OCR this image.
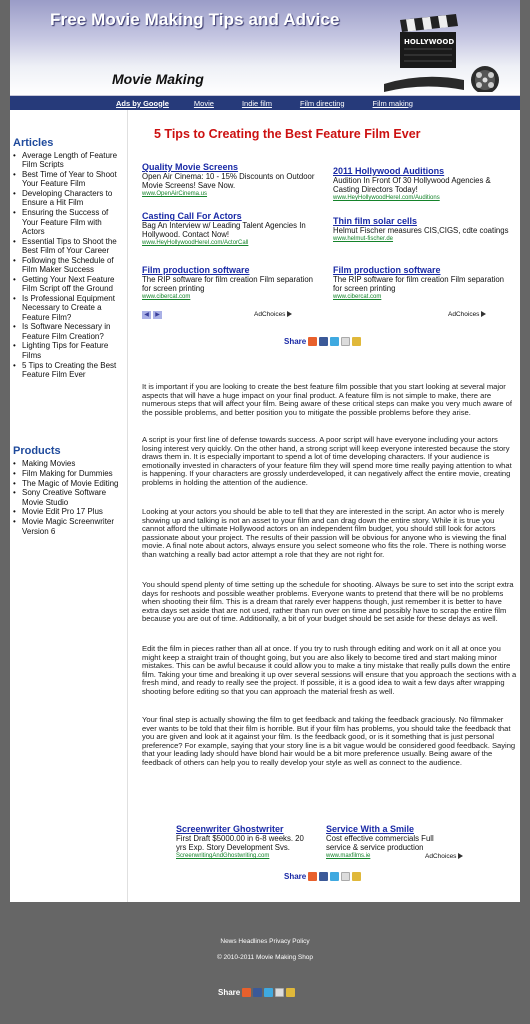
Free Movie Making Tips and Advice
HOLLYWOOD
Movie Making
Ads by Google	Movie	Indie film	Film directing	Film making
Articles
• Average Length of Feature Film Scripts
• Best Time of Year to Shoot Your Feature Film
• Developing Characters to Ensure a Hit Film
• Ensuring the Success of Your Feature Film with Actors
• Essential Tips to Shoot the Best Film of Your Career
• Following the Schedule of Film Maker Success
• Getting Your Next Feature Film Script off the Ground
• Is Professional Equipment Necessary to Create a Feature Film?
• Is Software Necessary in Feature Film Creation?
• Lighting Tips for Feature Films
• 5 Tips to Creating the Best Feature Film Ever
Products
• Making Movies
• Film Making for Dummies
• The Magic of Movie Editing
• Sony Creative Software Movie Studio
• Movie Edit Pro 17 Plus
• Movie Magic Screenwriter Version 6
5 Tips to Creating the Best Feature Film Ever
Quality Movie Screens
Open Air Cinema: 10 - 15% Discounts on Outdoor Movie Screens! Save Now.
www.OpenAirCinema.us
2011 Hollywood Auditions
Audition In Front Of 30 Hollywood Agencies & Casting Directors Today!
www.HeyHollywoodHereI.com/Auditions
Casting Call For Actors
Bag An Interview w/ Leading Talent Agencies In Hollywood. Contact Now!
www.HeyHollywoodHereI.com/ActorCall
Thin film solar cells
Helmut Fischer measures CIS,CIGS, cdte coatings
www.helmut-fischer.de
Film production software
The RIP software for film creation Film separation for screen printing
www.cibercat.com
Film production software
The RIP software for film creation Film separation for screen printing
www.cibercat.com
◀	▶	AdChoices	AdChoices
Share
It is important if you are looking to create the best feature film possible that you start looking at several major aspects that will have a huge impact on your final product. A feature film is not simple to make, there are numerous steps that will affect your film. Being aware of these critical steps can make you very much aware of the possible problems, and better position you to mitigate the possible problems before they arise.
A script is your first line of defense towards success. A poor script will have everyone including your actors losing interest very quickly. On the other hand, a strong script will keep everyone interested because the story draws them in. It is especially important to spend a lot of time developing characters. If your audience is emotionally invested in characters of your feature film they will spend more time really paying attention to what is happening. If your characters are grossly underdeveloped, it can negatively affect the entire movie, creating problems in holding the attention of the audience.
Looking at your actors you should be able to tell that they are interested in the script. An actor who is merely showing up and talking is not an asset to your film and can drag down the entire story. While it is true you cannot afford the ultimate Hollywood actors on an independent film budget, you should still look for actors passionate about your project. The results of their passion will be obvious for anyone who is viewing the final movie. A final note about actors, always ensure you select someone who fits the role. There is nothing worse than watching a really bad actor attempt a role that they are not right for.
You should spend plenty of time setting up the schedule for shooting. Always be sure to set into the script extra days for reshoots and possible weather problems. Everyone wants to pretend that there will be no problems when shooting their film. This is a dream that rarely ever happens though, just remember it is better to have extra days set aside that are not used, rather than run over on time and possibly have to scrap the entire film because you are out of time. Additionally, a bit of your budget should be set aside for these delays as well.
Edit the film in pieces rather than all at once. If you try to rush through editing and work on it all at once you might keep a straight train of thought going, but you are also likely to become tired and start making minor mistakes. This can be awful because it could allow you to make a tiny mistake that really pulls down the entire film. Taking your time and breaking it up over several sessions will ensure that you approach the sections with a fresh mind, and ready to really see the project. If possible, it is a good idea to wait a few days after wrapping shooting before editing so that you can approach the material fresh as well.
Your final step is actually showing the film to get feedback and taking the feedback graciously. No filmmaker ever wants to be told that their film is horrible. But if your film has problems, you should take the feedback that you are given and look at it against your film. Is the feedback good, or is it something that is just personal preference? For example, saying that your story line is a bit vague would be considered good feedback. Saying that your leading lady should have blond hair would be a bit more preference usually. Being aware of the feedback of others can help you to really develop your style as well as connect to the audience.
Screenwriter Ghostwriter
First Draft $5000.00 in 6-8 weeks. 20 yrs Exp. Story Development Svs.
ScreenwritingAndGhostwriting.com
Service With a Smile
Cost effective commercials Full service & service production
www.maxfilms.ie	AdChoices
Share
News Headlines Privacy Policy
© 2010-2011 Movie Making Shop
Share
